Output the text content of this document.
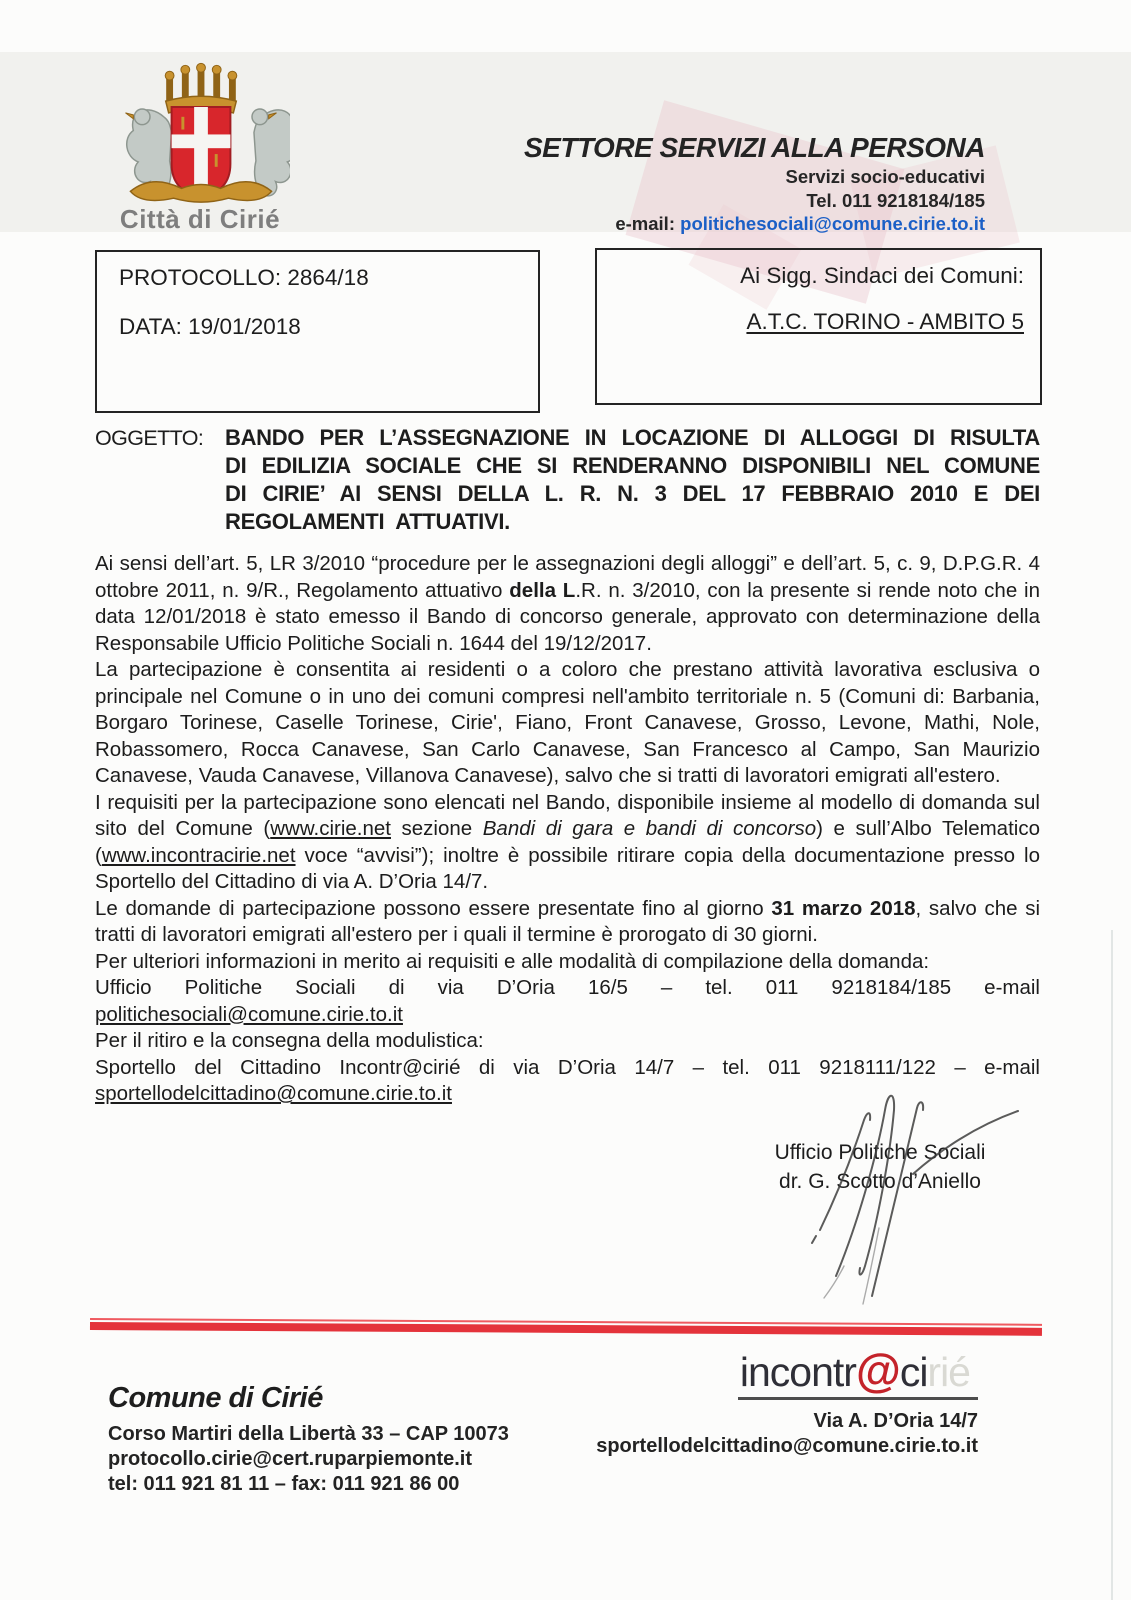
Città di Cirié
SETTORE SERVIZI ALLA PERSONA
Servizi socio-educativi
Tel. 011 9218184/185
e-mail: politichesociali@comune.cirie.to.it
PROTOCOLLO: 2864/18
DATA: 19/01/2018
Ai Sigg. Sindaci dei Comuni:
A.T.C. TORINO - AMBITO 5
OGGETTO: BANDO PER L’ASSEGNAZIONE IN LOCAZIONE DI ALLOGGI DI RISULTA DI EDILIZIA SOCIALE CHE SI RENDERANNO DISPONIBILI NEL COMUNE DI CIRIE’ AI SENSI DELLA L. R. N. 3 DEL 17 FEBBRAIO 2010 E DEI REGOLAMENTI ATTUATIVI.

Ai sensi dell’art. 5, LR 3/2010 “procedure per le assegnazioni degli alloggi” e dell’art. 5, c. 9, D.P.G.R. 4 ottobre 2011, n. 9/R., Regolamento attuativo della L.R. n. 3/2010, con la presente si rende noto che in data 12/01/2018 è stato emesso il Bando di concorso generale, approvato con determinazione della Responsabile Ufficio Politiche Sociali n. 1644 del 19/12/2017.

La partecipazione è consentita ai residenti o a coloro che prestano attività lavorativa esclusiva o principale nel Comune o in uno dei comuni compresi nell'ambito territoriale n. 5 (Comuni di: Barbania, Borgaro Torinese, Caselle Torinese, Cirie', Fiano, Front Canavese, Grosso, Levone, Mathi, Nole, Robassomero, Rocca Canavese, San Carlo Canavese, San Francesco al Campo, San Maurizio Canavese, Vauda Canavese, Villanova Canavese), salvo che si tratti di lavoratori emigrati all'estero.

I requisiti per la partecipazione sono elencati nel Bando, disponibile insieme al modello di domanda sul sito del Comune (www.cirie.net sezione Bandi di gara e bandi di concorso) e sull’Albo Telematico (www.incontracirie.net voce “avvisi”); inoltre è possibile ritirare copia della documentazione presso lo Sportello del Cittadino di via A. D’Oria 14/7.

Le domande di partecipazione possono essere presentate fino al giorno 31 marzo 2018, salvo che si tratti di lavoratori emigrati all'estero per i quali il termine è prorogato di 30 giorni.

Per ulteriori informazioni in merito ai requisiti e alle modalità di compilazione della domanda:

Ufficio Politiche Sociali di via D’Oria 16/5 – tel. 011 9218184/185 e-mail politichesociali@comune.cirie.to.it

Per il ritiro e la consegna della modulistica:

Sportello del Cittadino Incontr@cirié di via D’Oria 14/7 – tel. 011 9218111/122 – e-mail sportellodelcittadino@comune.cirie.to.it

Ufficio Politiche Sociali
dr. G. Scotto d’Aniello
Comune di Cirié
Corso Martiri della Libertà 33 – CAP 10073
protocollo.cirie@cert.ruparpiemonte.it
tel: 011 921 81 11 – fax: 011 921 86 00
incontr@cirié
Via A. D’Oria 14/7
sportellodelcittadino@comune.cirie.to.it
